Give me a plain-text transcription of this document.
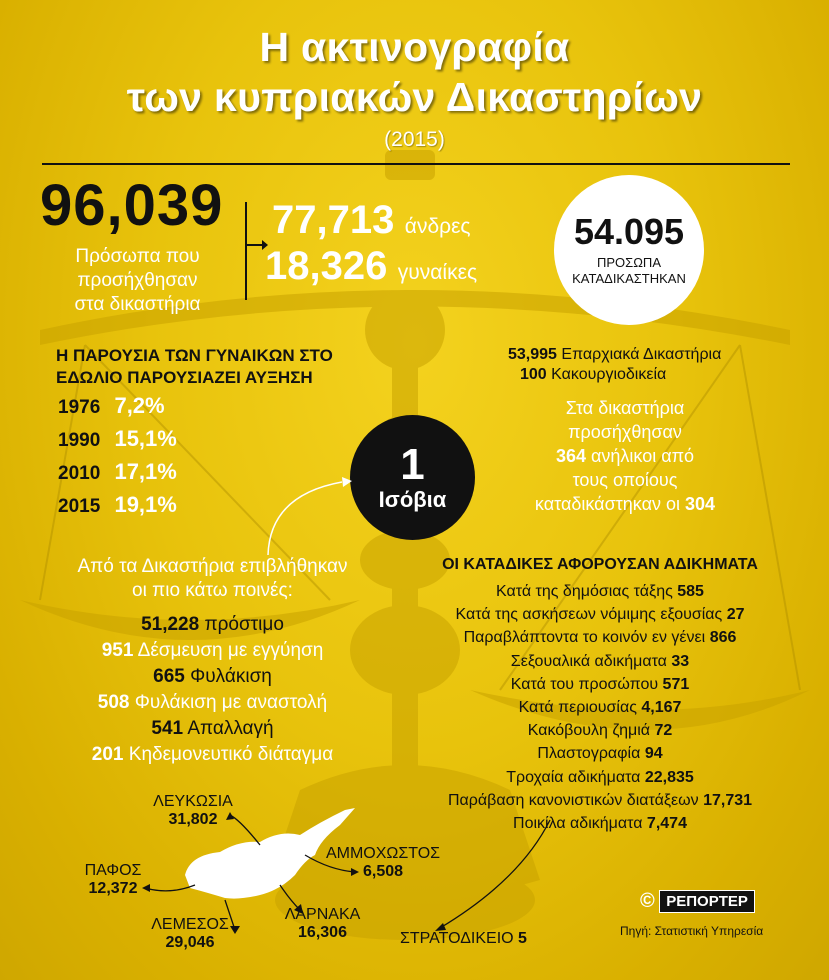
Η ακτινογραφία
των κυπριακών Δικαστηρίων
(2015)
96,039
Πρόσωπα που
προσήχθησαν
στα δικαστήρια
77,713 άνδρες
18,326 γυναίκες
54.095
ΠΡΟΣΩΠΑ
ΚΑΤΑΔΙΚΑΣΤΗΚΑΝ
Η ΠΑΡΟΥΣΙΑ ΤΩΝ ΓΥΝΑΙΚΩΝ ΣΤΟ
ΕΔΩΛΙΟ ΠΑΡΟΥΣΙΑΖΕΙ ΑΥΞΗΣΗ
1976 7,2%
1990 15,1%
2010 17,1%
2015 19,1%
53,995 Επαρχιακά Δικαστήρια
100 Κακουργιοδικεία
Στα δικαστήρια
προσήχθησαν
364 ανήλικοι από
τους οποίους
καταδικάστηκαν οι 304
1
Ισόβια
Από τα Δικαστήρια επιβλήθηκαν
οι πιο κάτω ποινές:
51,228 πρόστιμο
951 Δέσμευση με εγγύηση
665 Φυλάκιση
508 Φυλάκιση με αναστολή
541 Απαλλαγή
201 Κηδεμονευτικό διάταγμα
ΟΙ ΚΑΤΑΔΙΚΕΣ ΑΦΟΡΟΥΣΑΝ ΑΔΙΚΗΜΑΤΑ
Κατά της δημόσιας τάξης 585
Κατά της ασκήσεων νόμιμης εξουσίας 27
Παραβλάπτοντα το κοινόν εν γένει 866
Σεξουαλικά αδικήματα 33
Κατά του προσώπου 571
Κατά περιουσίας 4,167
Κακόβουλη ζημιά 72
Πλαστογραφία 94
Τροχαία αδικήματα 22,835
Παράβαση κανονιστικών διατάξεων 17,731
Ποικίλα αδικήματα 7,474
ΛΕΥΚΩΣΙΑ
31,802
ΠΑΦΟΣ
12,372
ΛΕΜΕΣΟΣ
29,046
ΛΑΡΝΑΚΑ
16,306
ΑΜΜΟΧΩΣΤΟΣ
6,508
ΣΤΡΑΤΟΔΙΚΕΙΟ 5
© ΡΕΠΟΡΤΕΡ
Πηγή: Στατιστική Υπηρεσία
